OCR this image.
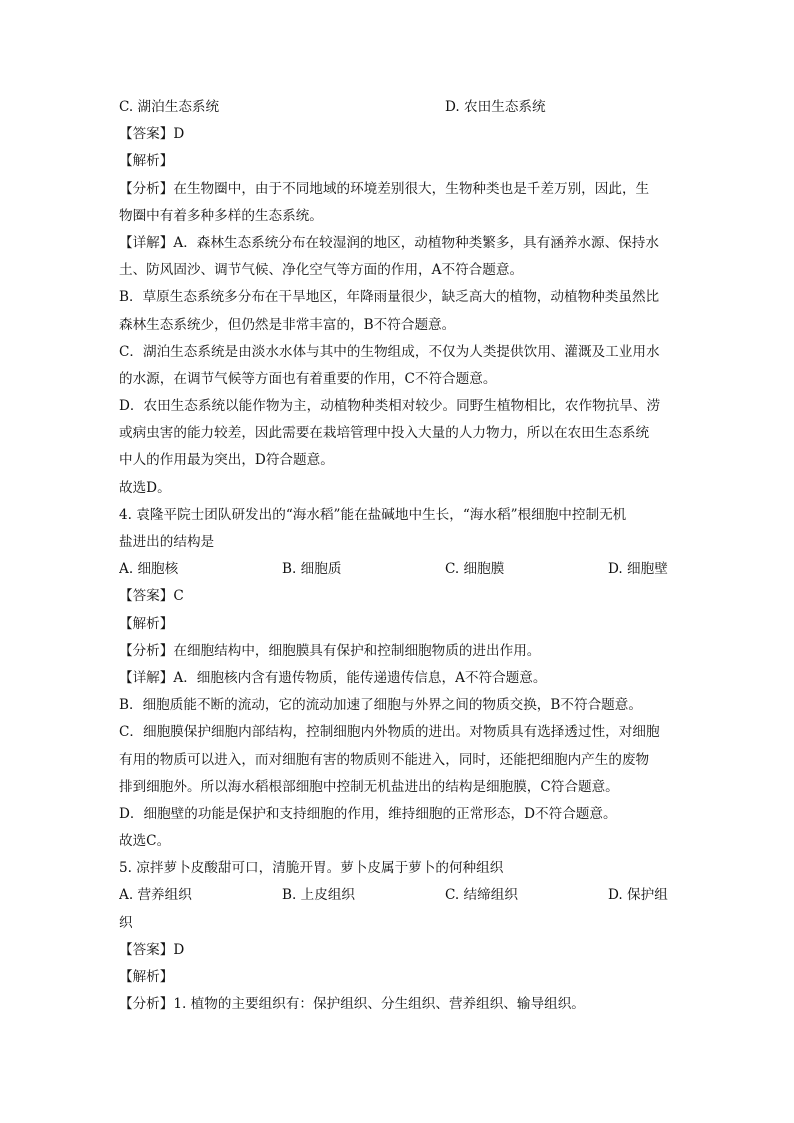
C. 湖泊生态系统	D. 农田生态系统
【答案】D
【解析】
【分析】在生物圈中，由于不同地域的环境差别很大，生物种类也是千差万别，因此，生
物圈中有着多种多样的生态系统。
【详解】A．森林生态系统分布在较湿润的地区，动植物种类繁多，具有涵养水源、保持水
土、防风固沙、调节气候、净化空气等方面的作用，A不符合题意。
B．草原生态系统多分布在干旱地区，年降雨量很少，缺乏高大的植物，动植物种类虽然比
森林生态系统少，但仍然是非常丰富的，B不符合题意。
C．湖泊生态系统是由淡水水体与其中的生物组成，不仅为人类提供饮用、灌溉及工业用水
的水源，在调节气候等方面也有着重要的作用，C不符合题意。
D．农田生态系统以能作物为主，动植物种类相对较少。同野生植物相比，农作物抗旱、涝
或病虫害的能力较差，因此需要在栽培管理中投入大量的人力物力，所以在农田生态系统
中人的作用最为突出，D符合题意。
故选D。
4. 袁隆平院士团队研发出的“海水稻”能在盐碱地中生长，“海水稻”根细胞中控制无机
盐进出的结构是
A. 细胞核	B. 细胞质	C. 细胞膜	D. 细胞壁
【答案】C
【解析】
【分析】在细胞结构中，细胞膜具有保护和控制细胞物质的进出作用。
【详解】A．细胞核内含有遗传物质，能传递遗传信息，A不符合题意。
B．细胞质能不断的流动，它的流动加速了细胞与外界之间的物质交换，B不符合题意。
C．细胞膜保护细胞内部结构，控制细胞内外物质的进出。对物质具有选择透过性，对细胞
有用的物质可以进入，而对细胞有害的物质则不能进入，同时，还能把细胞内产生的废物
排到细胞外。所以海水稻根部细胞中控制无机盐进出的结构是细胞膜，C符合题意。
D．细胞壁的功能是保护和支持细胞的作用，维持细胞的正常形态，D不符合题意。
故选C。
5. 凉拌萝卜皮酸甜可口，清脆开胃。萝卜皮属于萝卜的何种组织
A. 营养组织	B. 上皮组织	C. 结缔组织	D. 保护组
织
【答案】D
【解析】
【分析】1. 植物的主要组织有：保护组织、分生组织、营养组织、输导组织。
